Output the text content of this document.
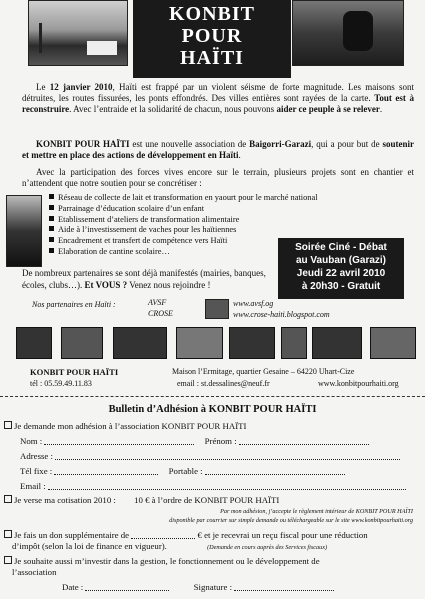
KONBIT
POUR
HAÏTI
Le 12 janvier 2010, Haïti est frappé par un violent séisme de forte magnitude. Les maisons sont détruites, les routes fissurées, les ponts effondrés. Des villes entières sont rayées de la carte. Tout est à reconstruire. Avec l’entraide et la solidarité de chacun, nous pouvons aider ce peuple à se relever.
KONBIT POUR HAÏTI est une nouvelle association de Baigorri-Garazi, qui a pour but de soutenir et mettre en place des actions de développement en Haïti.
Avec la participation des forces vives encore sur le terrain, plusieurs projets sont en chantier et n’attendent que notre soutien pour se concrétiser :
Réseau de collecte de lait et transformation en yaourt pour le marché national
Parrainage d’éducation scolaire d’un enfant
Etablissement d’ateliers de transformation alimentaire
Aide à l’investissement de vaches pour les haïtiennes
Encadrement et transfert de compétence vers Haïti
Elaboration de cantine scolaire…	Soirée Ciné - Débat
au Vauban (Garazi)
Jeudi 22 avril 2010
à 20h30 - Gratuit
De nombreux partenaires se sont déjà manifestés (mairies, banques, écoles, clubs…). Et VOUS ? Venez nous rejoindre !
Nos partenaires en Haïti :	AVSF
CROSE
www.avsf.og
www.crose-haiti.blogspot.com
KONBIT POUR HAÏTI
tél : 05.59.49.11.83
Maison l’Ermitage, quartier Gesaine – 64220 Uhart-Cize
email : st.dessalines@neuf.fr	www.konbitpourhaiti.org
Bulletin d’Adhésion à KONBIT POUR HAÏTI
Je demande mon adhésion à l’association KONBIT POUR HAÏTI
Nom :	Prénom :
Adresse :
Tél fixe :	Portable :
Email :
Je verse ma cotisation 2010 : 10 € à l’ordre de KONBIT POUR HAÏTI
Par mon adhésion, j’accepte le règlement intérieur de KONBIT POUR HAÏTI
disponible par courrier sur simple demande ou téléchargeable sur le site www.konbitpourhaiti.org
Je fais un don supplémentaire de	€ et je recevrai un reçu fiscal pour une réduction
d’impôt (selon la loi de finance en vigueur).	(Demande en cours auprès des Services fiscaux)
Je souhaite aussi m’investir dans la gestion, le fonctionnement ou le développement de
l’association
Date :	Signature :
